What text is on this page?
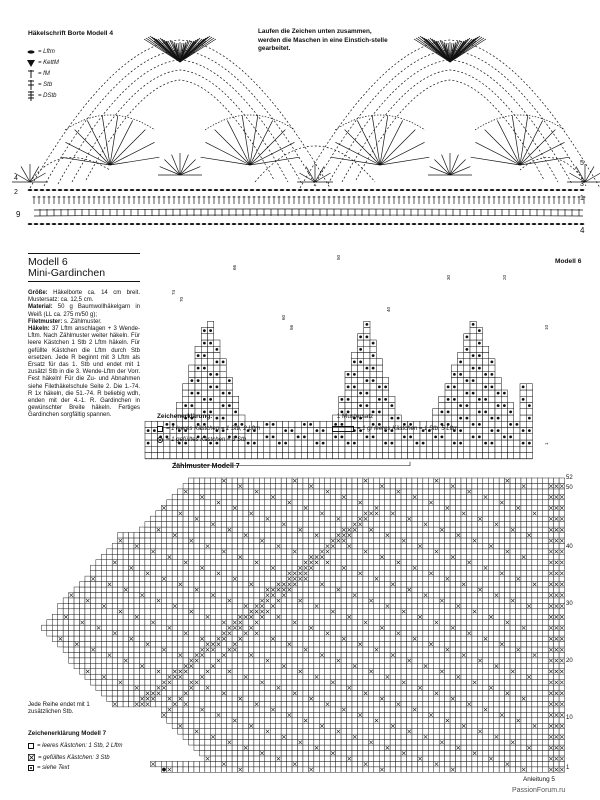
Häkelschrift Borte Modell 4
= Lftm
= KettM
= fM
= Stb
= DStb
Laufen die Zeichen unten zusammen, werden die Maschen in eine Einstich-stelle gearbeitet.
4
2
9
5
3
1
4
Modell 6
Mini-Gardinchen

Größe: Häkelborte ca. 14 cm breit. Mustersatz: ca. 12,5 cm.

Material: 50 g Baumwollhäkelgarn in Weiß (LL ca. 275 m/50 g);

Filetmuster: s. Zählmuster.

Häkeln: 37 Lftm anschlagen + 3 Wende-Lftm. Nach Zählmuster weiter häkeln. Für leere Kästchen 1 Stb 2 Lftm häkeln. Für gefüllte Kästchen die Lftm durch Stb ersetzen. Jede R beginnt mit 3 Lftm als Ersatz für das 1. Stb und endet mit 1 zusätzl Stb in die 3. Wende-Lftm der Vorr. Fest häkeln! Für die Zu- und Abnahmen siehe Filethäkelschule Seite 2. Die 1.-74. R 1x häkeln, die 51.-74. R beliebig wdh, enden mit der 4.-1. R. Gardinchen in gewünschter Breite häkeln. Fertiges Gardinchen sorgfältig spannen.

Modell 6
74
70
66
60
56
50
40
30	20
10
1
Zeichenerklärung:
= 1 leeres Kästchen = 1 Stb, 2 Lftm
= 1 gefülltes Kästchen = 3 Stb
= 1 gr leeres Kästchen = 1 Stb, 5 Lftm
1 Mustersatz
Zählmuster Modell 7
52
50
40
30
20
10
1
Jede Reihe endet mit 1 zusätzlichen Stb.
Zeichenerklärung Modell 7
= leeres Kästchen: 1 Stb, 2 Lftm
= gefülltes Kästchen: 3 Stb
= siehe Text
Anleitung 5
PassionForum.ru
